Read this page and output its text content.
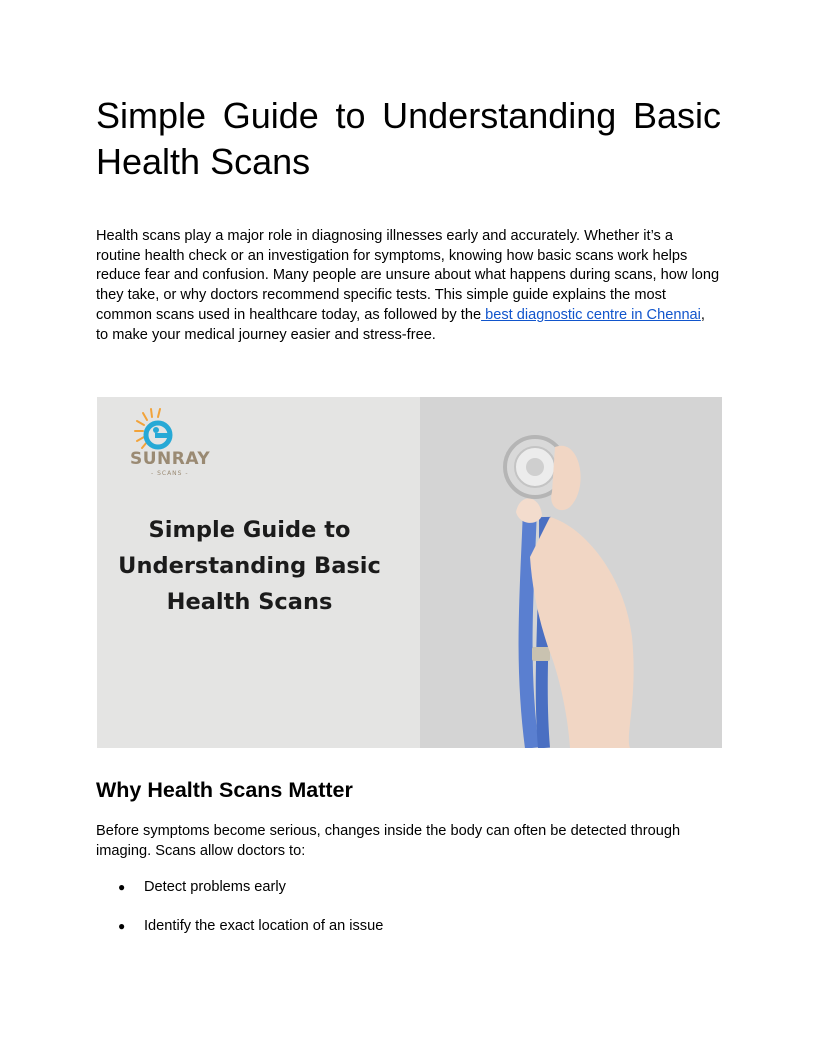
Simple Guide to Understanding Basic Health Scans

Health scans play a major role in diagnosing illnesses early and accurately. Whether it’s a routine health check or an investigation for symptoms, knowing how basic scans work helps reduce fear and confusion. Many people are unsure about what happens during scans, how long they take, or why doctors recommend specific tests. This simple guide explains the most common scans used in healthcare today, as followed by the best diagnostic centre in Chennai, to make your medical journey easier and stress-free.

SUNRAY
- SCANS -
Simple Guide to
Understanding Basic
Health Scans
Why Health Scans Matter

Before symptoms become serious, changes inside the body can often be detected through imaging. Scans allow doctors to:

● Detect problems early
● Identify the exact location of an issue
